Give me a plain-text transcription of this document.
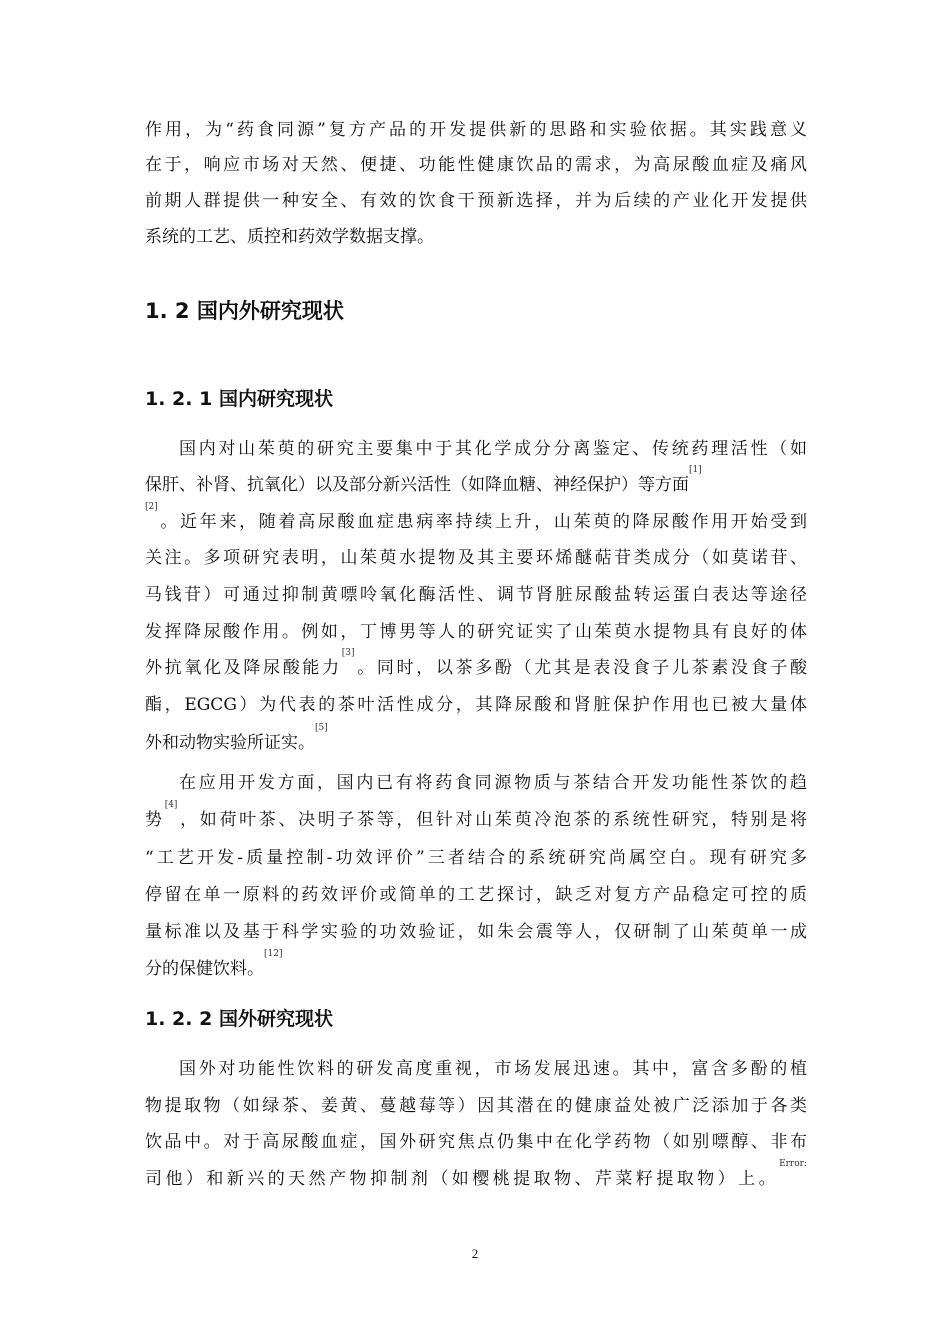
作用，为“药食同源”复方产品的开发提供新的思路和实验依据。其实践意义
在于，响应市场对天然、便捷、功能性健康饮品的需求，为高尿酸血症及痛风
前期人群提供一种安全、有效的饮食干预新选择，并为后续的产业化开发提供
系统的工艺、质控和药效学数据支撑。
1. 2 国内外研究现状
1. 2. 1 国内研究现状
国内对山茱萸的研究主要集中于其化学成分分离鉴定、传统药理活性（如
保肝、补肾、抗氧化）以及部分新兴活性（如降血糖、神经保护）等方面[1]
[2]。近年来，随着高尿酸血症患病率持续上升，山茱萸的降尿酸作用开始受到
关注。多项研究表明，山茱萸水提物及其主要环烯醚萜苷类成分（如莫诺苷、
马钱苷）可通过抑制黄嘌呤氧化酶活性、调节肾脏尿酸盐转运蛋白表达等途径
发挥降尿酸作用。例如，丁博男等人的研究证实了山茱萸水提物具有良好的体
外抗氧化及降尿酸能力[3]。同时，以茶多酚（尤其是表没食子儿茶素没食子酸
酯，EGCG）为代表的茶叶活性成分，其降尿酸和肾脏保护作用也已被大量体
外和动物实验所证实。[5]
在应用开发方面，国内已有将药食同源物质与茶结合开发功能性茶饮的趋
势[4]，如荷叶茶、决明子茶等，但针对山茱萸冷泡茶的系统性研究，特别是将
“工艺开发-质量控制-功效评价”三者结合的系统研究尚属空白。现有研究多
停留在单一原料的药效评价或简单的工艺探讨，缺乏对复方产品稳定可控的质
量标准以及基于科学实验的功效验证，如朱会震等人，仅研制了山茱萸单一成
分的保健饮料。[12]
1. 2. 2 国外研究现状
国外对功能性饮料的研发高度重视，市场发展迅速。其中，富含多酚的植
物提取物（如绿茶、姜黄、蔓越莓等）因其潜在的健康益处被广泛添加于各类
饮品中。对于高尿酸血症，国外研究焦点仍集中在化学药物（如别嘌醇、非布
司他）和新兴的天然产物抑制剂（如樱桃提取物、芹菜籽提取物）上。$^{Error:}$
2
